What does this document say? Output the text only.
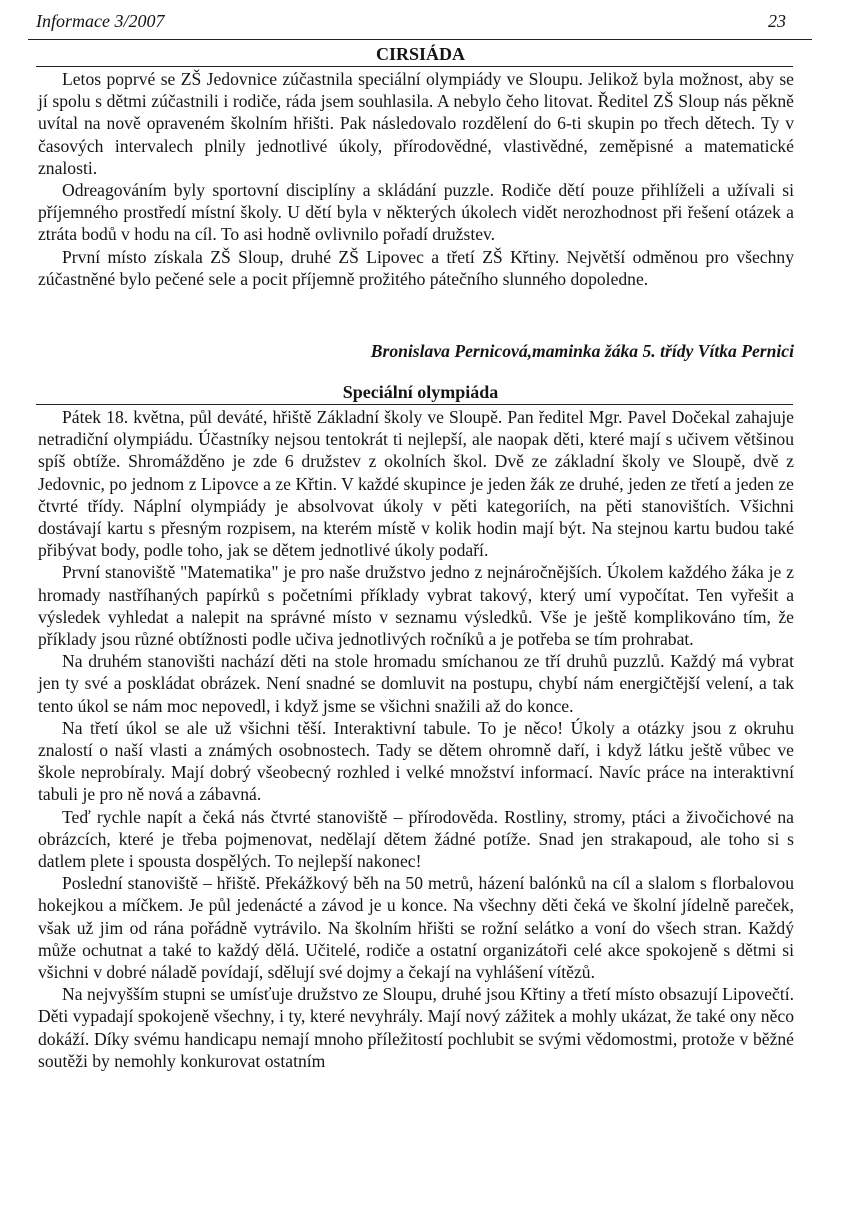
Informace 3/2007	23
CIRSIÁDA

Letos poprvé se ZŠ Jedovnice zúčastnila speciální olympiády ve Sloupu. Jelikož byla možnost, aby se jí spolu s dětmi zúčastnili i rodiče, ráda jsem souhlasila. A nebylo čeho litovat. Ředitel ZŠ Sloup nás pěkně uvítal na nově opraveném školním hřišti. Pak následovalo rozdělení do 6-ti skupin po třech dětech. Ty v časových intervalech plnily jednotlivé úkoly, přírodovědné, vlastivědné, zeměpisné a matematické znalosti.

Odreagováním byly sportovní disciplíny a skládání puzzle. Rodiče dětí pouze přihlíželi a užívali si příjemného prostředí místní školy. U dětí byla v některých úkolech vidět nerozhodnost při řešení otázek a ztráta bodů v hodu na cíl. To asi hodně ovlivnilo pořadí družstev.

První místo získala ZŠ Sloup, druhé ZŠ Lipovec a třetí ZŠ Křtiny. Největší odměnou pro všechny zúčastněné bylo pečené sele a pocit příjemně prožitého pátečního slunného dopoledne.

Bronislava Pernicová,maminka žáka 5. třídy Vítka Pernici
Speciální olympiáda

Pátek 18. května, půl deváté, hřiště Základní školy ve Sloupě. Pan ředitel Mgr. Pavel Dočekal zahajuje netradiční olympiádu. Účastníky nejsou tentokrát ti nejlepší, ale naopak děti, které mají s učivem většinou spíš obtíže. Shromážděno je zde 6 družstev z okolních škol. Dvě ze základní školy ve Sloupě, dvě z Jedovnic, po jednom z Lipovce a ze Křtin. V každé skupince je jeden žák ze druhé, jeden ze třetí a jeden ze čtvrté třídy. Náplní olympiády je absolvovat úkoly v pěti kategoriích, na pěti stanovištích. Všichni dostávají kartu s přesným rozpisem, na kterém místě v kolik hodin mají být. Na stejnou kartu budou také přibývat body, podle toho, jak se dětem jednotlivé úkoly podaří.

První stanoviště "Matematika" je pro naše družstvo jedno z nejnáročnějších. Úkolem každého žáka je z hromady nastříhaných papírků s početními příklady vybrat takový, který umí vypočítat. Ten vyřešit a výsledek vyhledat a nalepit na správné místo v seznamu výsledků. Vše je ještě komplikováno tím, že příklady jsou různé obtížnosti podle učiva jednotlivých ročníků a je potřeba se tím prohrabat.

Na druhém stanovišti nachází děti na stole hromadu smíchanou ze tří druhů puzzlů. Každý má vybrat jen ty své a poskládat obrázek. Není snadné se domluvit na postupu, chybí nám energičtější velení, a tak tento úkol se nám moc nepovedl, i když jsme se všichni snažili až do konce.

Na třetí úkol se ale už všichni těší. Interaktivní tabule. To je něco! Úkoly a otázky jsou z okruhu znalostí o naší vlasti a známých osobnostech. Tady se dětem ohromně daří, i když látku ještě vůbec ve škole neprobíraly. Mají dobrý všeobecný rozhled i velké množství informací. Navíc práce na interaktivní tabuli je pro ně nová a zábavná.

Teď rychle napít a čeká nás čtvrté stanoviště – přírodověda. Rostliny, stromy, ptáci a živočichové na obrázcích, které je třeba pojmenovat, nedělají dětem žádné potíže. Snad jen strakapoud, ale toho si s datlem plete i spousta dospělých. To nejlepší nakonec!

Poslední stanoviště – hřiště. Překážkový běh na 50 metrů, házení balónků na cíl a slalom s florbalovou hokejkou a míčkem. Je půl jedenácté a závod je u konce. Na všechny děti čeká ve školní jídelně pareček, však už jim od rána pořádně vytrávilo. Na školním hřišti se rožní selátko a voní do všech stran. Každý může ochutnat a také to každý dělá. Učitelé, rodiče a ostatní organizátoři celé akce spokojeně s dětmi si všichni v dobré náladě povídají, sdělují své dojmy a čekají na vyhlášení vítězů.

Na nejvyšším stupni se umísťuje družstvo ze Sloupu, druhé jsou Křtiny a třetí místo obsazují Lipovečtí. Děti vypadají spokojeně všechny, i ty, které nevyhrály. Mají nový zážitek a mohly ukázat, že také ony něco dokáží. Díky svému handicapu nemají mnoho příležitostí pochlubit se svými vědomostmi, protože v běžné soutěži by nemohly konkurovat ostatním
